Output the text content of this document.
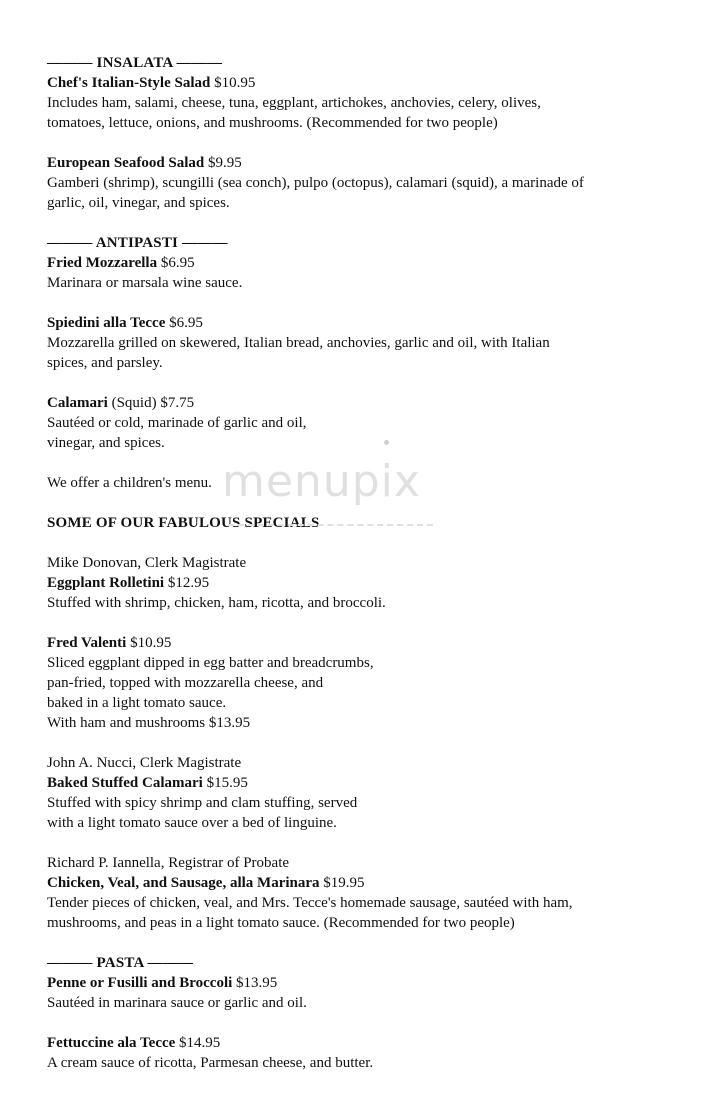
——— INSALATA ———
Chef's Italian-Style Salad $10.95
Includes ham, salami, cheese, tuna, eggplant, artichokes, anchovies, celery, olives,
tomatoes, lettuce, onions, and mushrooms. (Recommended for two people)
European Seafood Salad $9.95
Gamberi (shrimp), scungilli (sea conch), pulpo (octopus), calamari (squid), a marinade of
garlic, oil, vinegar, and spices.
——— ANTIPASTI ———
Fried Mozzarella $6.95
Marinara or marsala wine sauce.
Spiedini alla Tecce $6.95
Mozzarella grilled on skewered, Italian bread, anchovies, garlic and oil, with Italian
spices, and parsley.
Calamari (Squid) $7.75
Sautéed or cold, marinade of garlic and oil,
vinegar, and spices.
We offer a children's menu.
SOME OF OUR FABULOUS SPECIALS
Mike Donovan, Clerk Magistrate
Eggplant Rolletini $12.95
Stuffed with shrimp, chicken, ham, ricotta, and broccoli.
Fred Valenti $10.95
Sliced eggplant dipped in egg batter and breadcrumbs,
pan-fried, topped with mozzarella cheese, and
baked in a light tomato sauce.
With ham and mushrooms $13.95
John A. Nucci, Clerk Magistrate
Baked Stuffed Calamari $15.95
Stuffed with spicy shrimp and clam stuffing, served
with a light tomato sauce over a bed of linguine.
Richard P. Iannella, Registrar of Probate
Chicken, Veal, and Sausage, alla Marinara $19.95
Tender pieces of chicken, veal, and Mrs. Tecce's homemade sausage, sautéed with ham,
mushrooms, and peas in a light tomato sauce. (Recommended for two people)
——— PASTA ———
Penne or Fusilli and Broccoli $13.95
Sautéed in marinara sauce or garlic and oil.
Fettuccine ala Tecce $14.95
A cream sauce of ricotta, Parmesan cheese, and butter.
menupix
